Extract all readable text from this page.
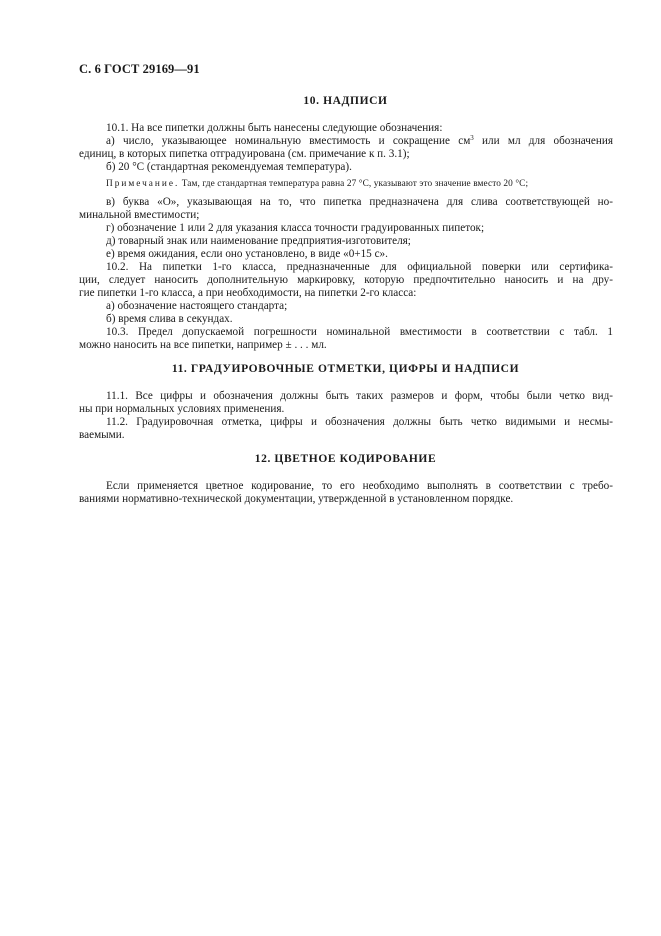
С. 6 ГОСТ 29169—91
10. НАДПИСИ
10.1. На все пипетки должны быть нанесены следующие обозначения:
а) число, указывающее номинальную вместимость и сокращение $см^3$ или мл для обозначения
единиц, в которых пипетка отградуирована (см. примечание к п. 3.1);
б) 20 °С (стандартная рекомендуемая температура).
Примечание. Там, где стандартная температура равна 27 °С, указывают это значение вместо 20 °С;
в) буква «О», указывающая на то, что пипетка предназначена для слива соответствующей но-
минальной вместимости;
г) обозначение 1 или 2 для указания класса точности градуированных пипеток;
д) товарный знак или наименование предприятия-изготовителя;
е) время ожидания, если оно установлено, в виде «0+15 с».
10.2. На пипетки 1-го класса, предназначенные для официальной поверки или сертифика-
ции, следует наносить дополнительную маркировку, которую предпочтительно наносить и на дру-
гие пипетки 1-го класса, а при необходимости, на пипетки 2-го класса:
а) обозначение настоящего стандарта;
б) время слива в секундах.
10.3. Предел допускаемой погрешности номинальной вместимости в соответствии с табл. 1
можно наносить на все пипетки, например ± . . . мл.
11. ГРАДУИРОВОЧНЫЕ ОТМЕТКИ, ЦИФРЫ И НАДПИСИ
11.1. Все цифры и обозначения должны быть таких размеров и форм, чтобы были четко вид-
ны при нормальных условиях применения.
11.2. Градуировочная отметка, цифры и обозначения должны быть четко видимыми и несмы-
ваемыми.
12. ЦВЕТНОЕ КОДИРОВАНИЕ
Если применяется цветное кодирование, то его необходимо выполнять в соответствии с требо-
ваниями нормативно-технической документации, утвержденной в установленном порядке.
